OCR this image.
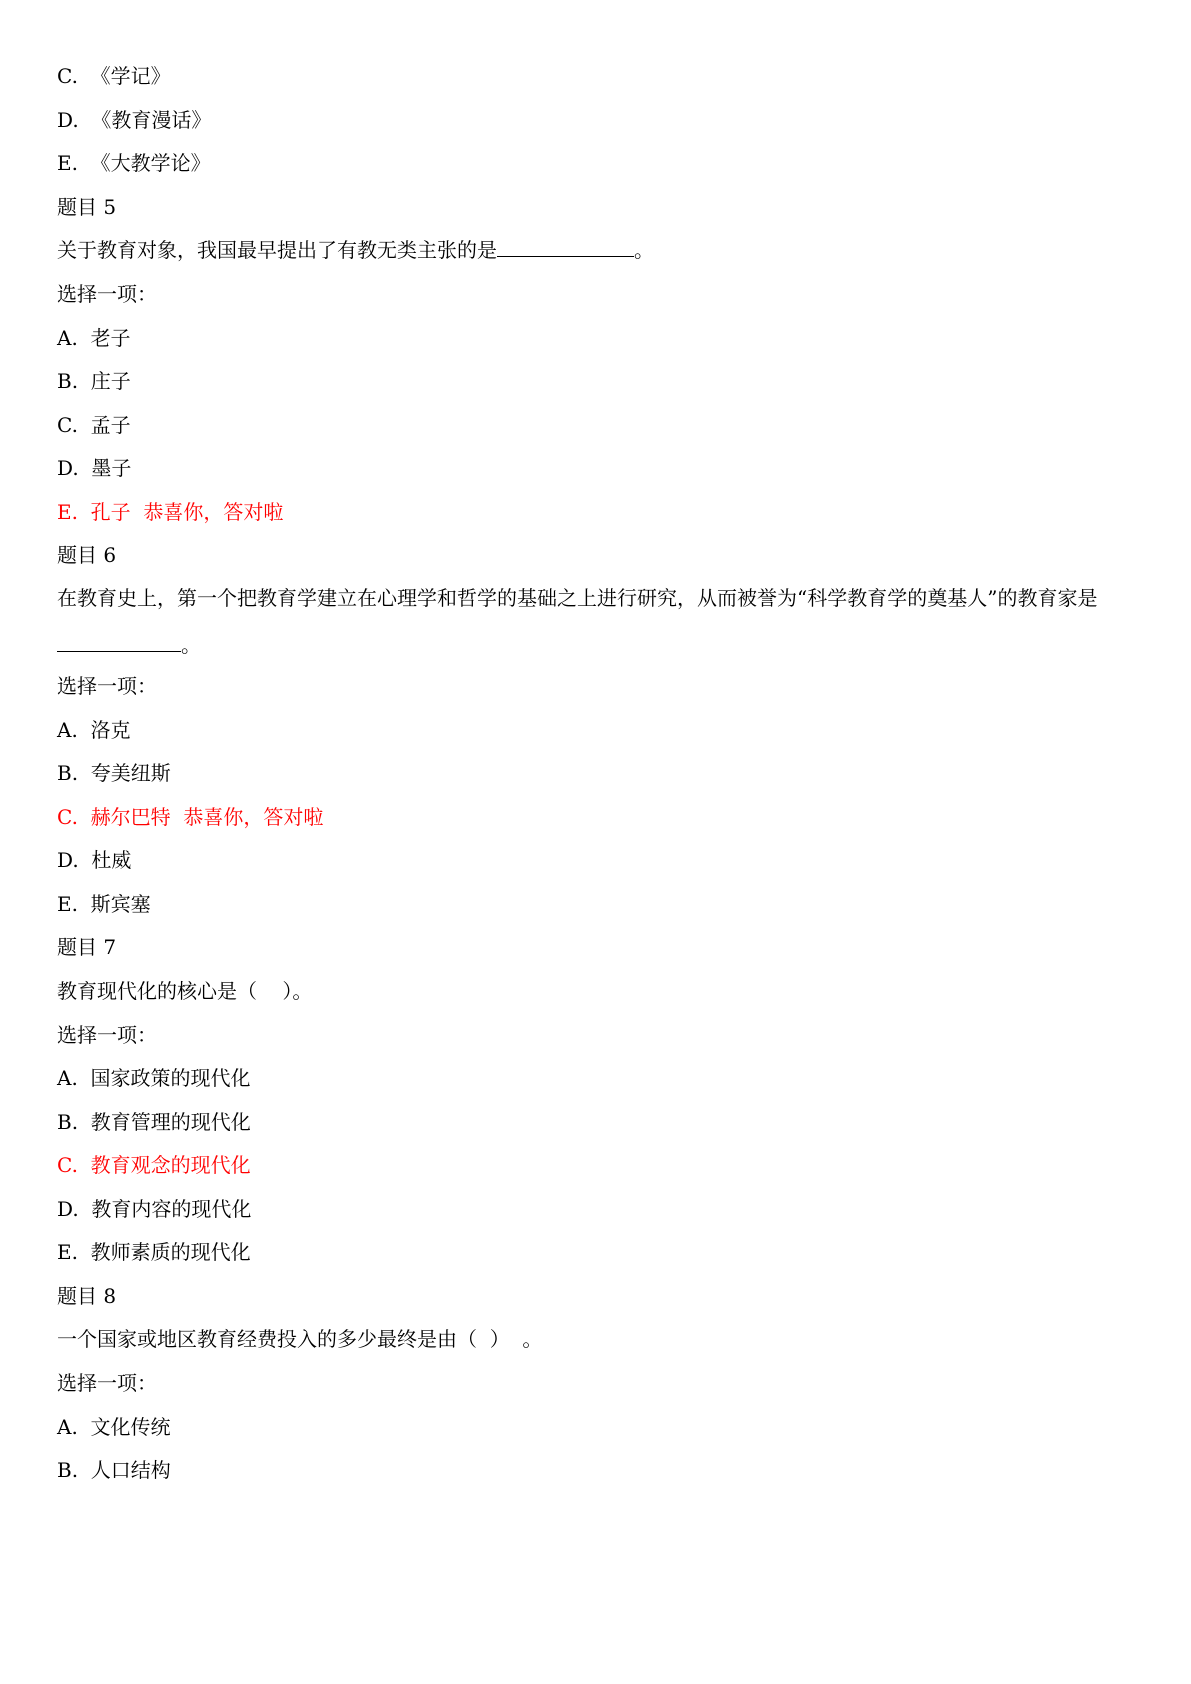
C.  《学记》
D.  《教育漫话》
E.  《大教学论》
题目 5
关于教育对象，我国最早提出了有教无类主张的是	。
选择一项：
A.  老子
B.  庄子
C.  孟子
D.  墨子
E.  孔子  恭喜你，答对啦
题目 6
在教育史上，第一个把教育学建立在心理学和哲学的基础之上进行研究，从而被誉为“科学教育学的奠基人”的教育家是。
选择一项：
A.  洛克
B.  夸美纽斯
C.  赫尔巴特  恭喜你，答对啦
D.  杜威
E.  斯宾塞
题目 7
教育现代化的核心是（    ）。
选择一项：
A.  国家政策的现代化
B.  教育管理的现代化
C.  教育观念的现代化
D.  教育内容的现代化
E.  教师素质的现代化
题目 8
一个国家或地区教育经费投入的多少最终是由（  ）  。
选择一项：
A.  文化传统
B.  人口结构
